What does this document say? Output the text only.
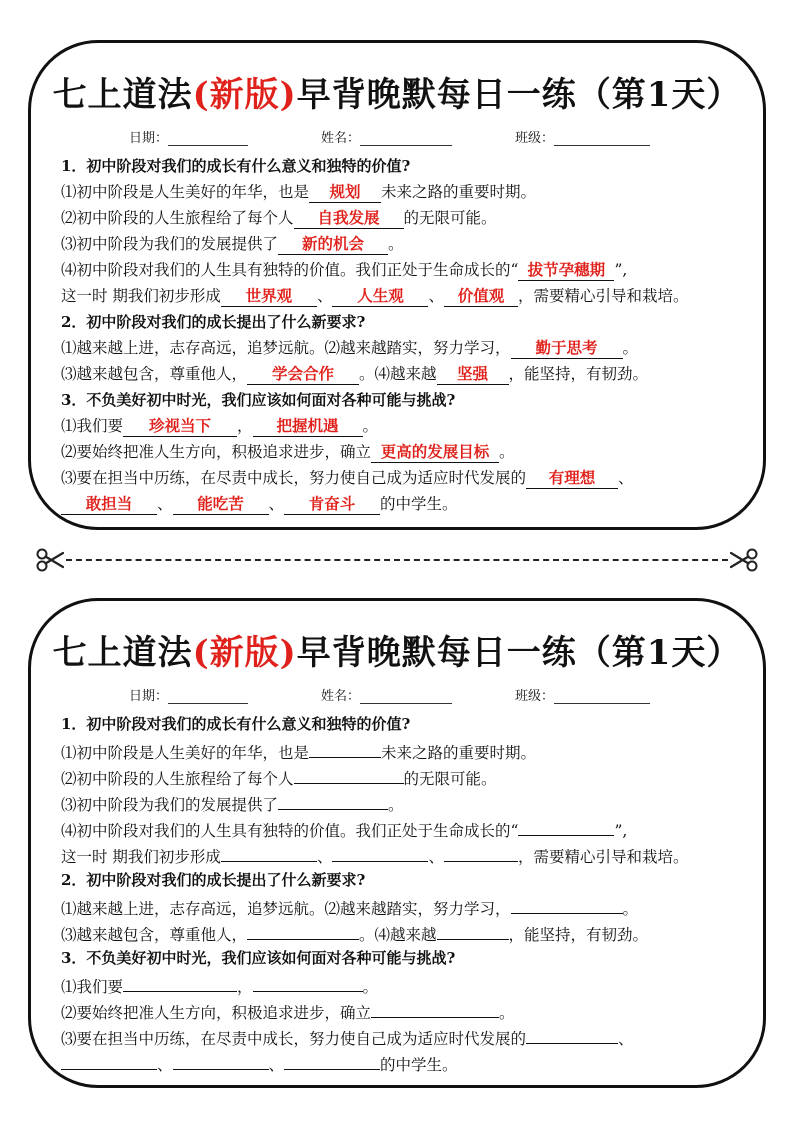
七上道法(新版)早背晚默每日一练（第1天）
日期：	姓名：	班级：
1．初中阶段对我们的成长有什么意义和独特的价值?
⑴初中阶段是人生美好的年华，也是 规划 未来之路的重要时期。
⑵初中阶段的人生旅程给了每个人 自我发展 的无限可能。
⑶初中阶段为我们的发展提供了 新的机会 。
⑷初中阶段对我们的人生具有独特的价值。我们正处于生命成长的“ 拔节孕穗期 ”,
这一时 期我们初步形成 世界观 、 人生观 、 价值观 ，需要精心引导和栽培。
2．初中阶段对我们的成长提出了什么新要求?
⑴越来越上进，志存高远，追梦远航。⑵越来越踏实，努力学习， 勤于思考 。
⑶越来越包含，尊重他人， 学会合作 。⑷越来越 坚强 ，能坚持，有韧劲。
3．不负美好初中时光，我们应该如何面对各种可能与挑战?
⑴我们要 珍视当下 ， 把握机遇 。
⑵要始终把准人生方向，积极追求进步，确立 更高的发展目标 。
⑶要在担当中历练，在尽责中成长，努力使自己成为适应时代发展的 有理想 、
敢担当 、 能吃苦 、 肯奋斗 的中学生。
七上道法(新版)早背晚默每日一练（第1天）
日期：	姓名：	班级：
1．初中阶段对我们的成长有什么意义和独特的价值?
⑴初中阶段是人生美好的年华，也是	未来之路的重要时期。
⑵初中阶段的人生旅程给了每个人	的无限可能。
⑶初中阶段为我们的发展提供了	。
⑷初中阶段对我们的人生具有独特的价值。我们正处于生命成长的“	”,
这一时 期我们初步形成	、	、	，需要精心引导和栽培。
2．初中阶段对我们的成长提出了什么新要求?
⑴越来越上进，志存高远，追梦远航。⑵越来越踏实，努力学习，	。
⑶越来越包含，尊重他人，	。⑷越来越	，能坚持，有韧劲。
3．不负美好初中时光，我们应该如何面对各种可能与挑战?
⑴我们要	，	。
⑵要始终把准人生方向，积极追求进步，确立	。
⑶要在担当中历练，在尽责中成长，努力使自己成为适应时代发展的	、
、	、	的中学生。
